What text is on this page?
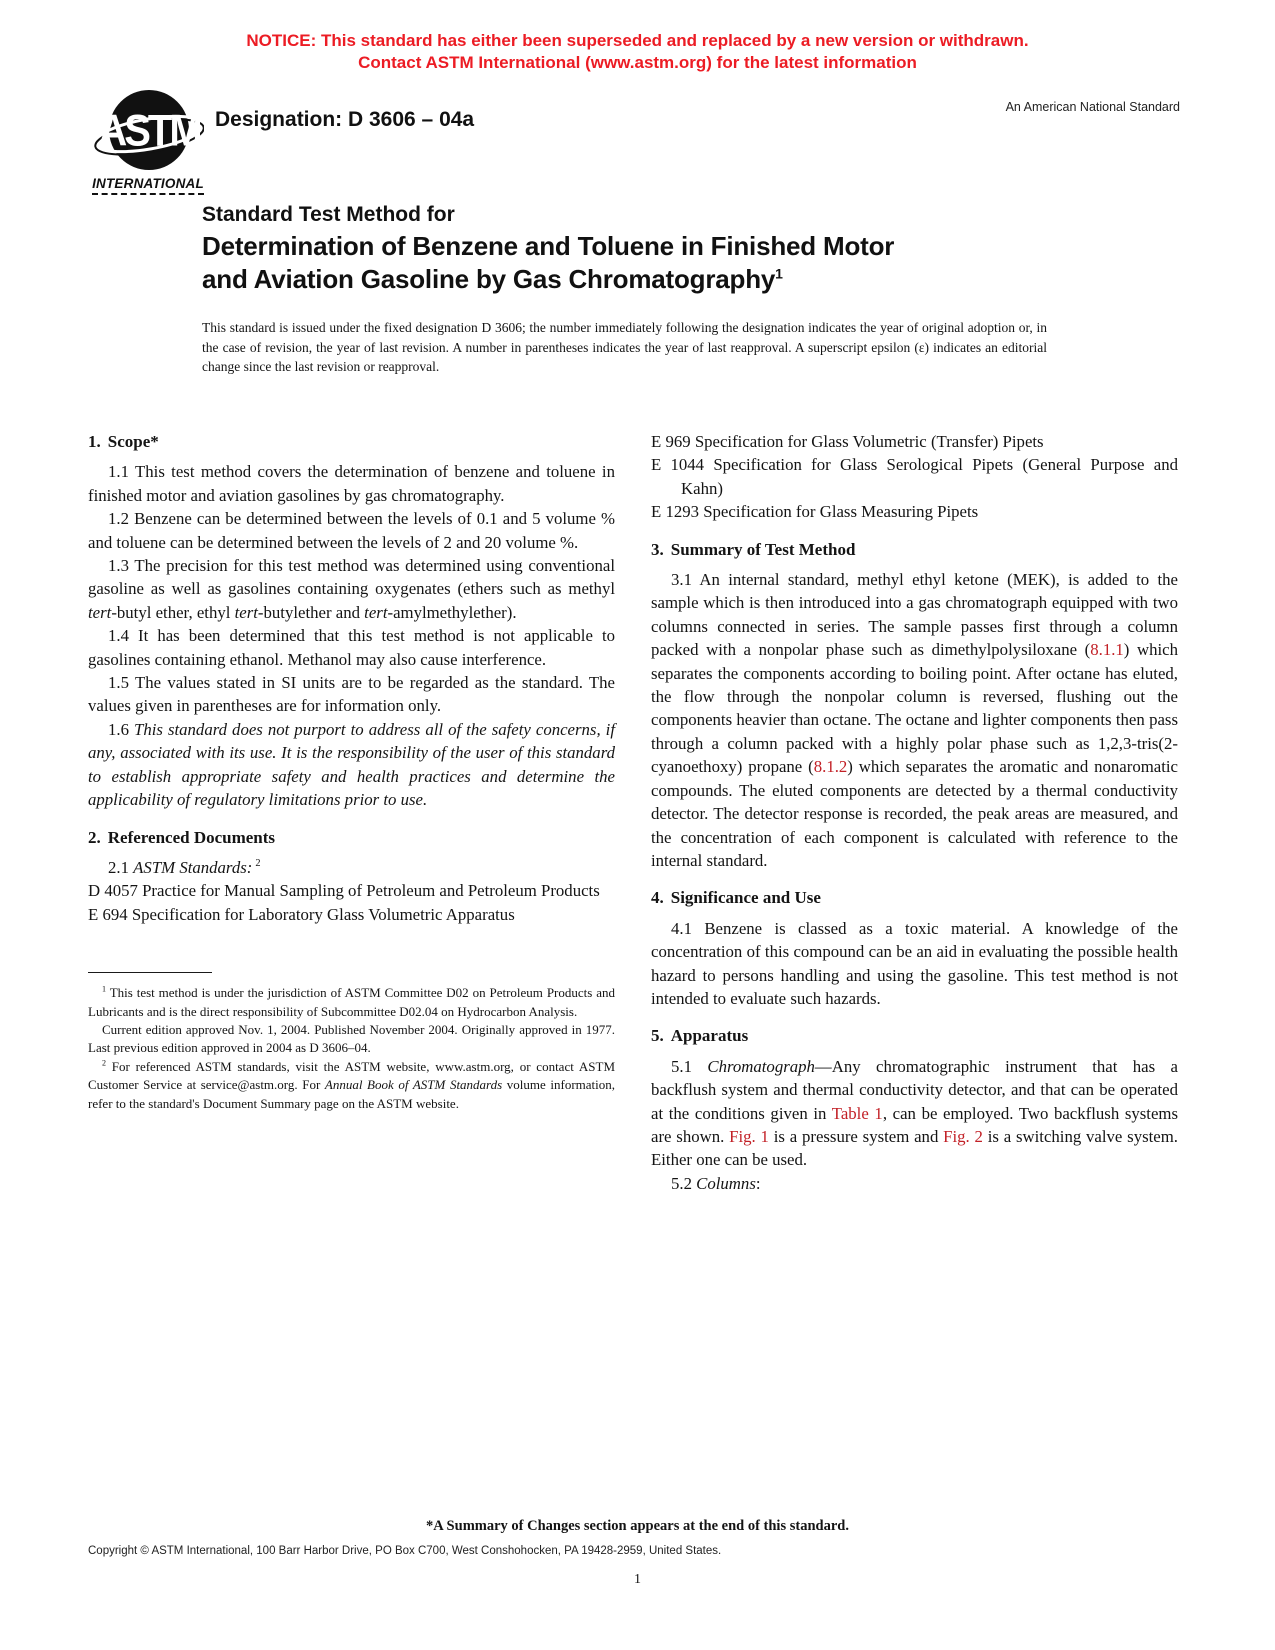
NOTICE: This standard has either been superseded and replaced by a new version or withdrawn.
Contact ASTM International (www.astm.org) for the latest information
ASTM
INTERNATIONAL
Designation: D 3606 – 04a
An American National Standard
Standard Test Method for
Determination of Benzene and Toluene in Finished Motor
and Aviation Gasoline by Gas Chromatography$^1$
This standard is issued under the fixed designation D 3606; the number immediately following the designation indicates the year of original adoption or, in the case of revision, the year of last revision. A number in parentheses indicates the year of last reapproval. A superscript epsilon (ε) indicates an editorial change since the last revision or reapproval.
1. Scope*

1.1 This test method covers the determination of benzene and toluene in finished motor and aviation gasolines by gas chromatography.

1.2 Benzene can be determined between the levels of 0.1 and 5 volume % and toluene can be determined between the levels of 2 and 20 volume %.

1.3 The precision for this test method was determined using conventional gasoline as well as gasolines containing oxygenates (ethers such as methyl tert-butyl ether, ethyl tert-butylether and tert-amylmethylether).

1.4 It has been determined that this test method is not applicable to gasolines containing ethanol. Methanol may also cause interference.

1.5 The values stated in SI units are to be regarded as the standard. The values given in parentheses are for information only.

1.6 This standard does not purport to address all of the safety concerns, if any, associated with its use. It is the responsibility of the user of this standard to establish appropriate safety and health practices and determine the applicability of regulatory limitations prior to use.

2. Referenced Documents

2.1 ASTM Standards: $^2$

D 4057 Practice for Manual Sampling of Petroleum and Petroleum Products

E 694 Specification for Laboratory Glass Volumetric Apparatus

$^1$ This test method is under the jurisdiction of ASTM Committee D02 on Petroleum Products and Lubricants and is the direct responsibility of Subcommittee D02.04 on Hydrocarbon Analysis.

Current edition approved Nov. 1, 2004. Published November 2004. Originally approved in 1977. Last previous edition approved in 2004 as D 3606–04.

$^2$ For referenced ASTM standards, visit the ASTM website, www.astm.org, or contact ASTM Customer Service at service@astm.org. For Annual Book of ASTM Standards volume information, refer to the standard's Document Summary page on the ASTM website.

E 969 Specification for Glass Volumetric (Transfer) Pipets

E 1044 Specification for Glass Serological Pipets (General Purpose and Kahn)

E 1293 Specification for Glass Measuring Pipets

3. Summary of Test Method

3.1 An internal standard, methyl ethyl ketone (MEK), is added to the sample which is then introduced into a gas chromatograph equipped with two columns connected in series. The sample passes first through a column packed with a nonpolar phase such as dimethylpolysiloxane (8.1.1) which separates the components according to boiling point. After octane has eluted, the flow through the nonpolar column is reversed, flushing out the components heavier than octane. The octane and lighter components then pass through a column packed with a highly polar phase such as 1,2,3-tris(2-cyanoethoxy) propane (8.1.2) which separates the aromatic and nonaromatic compounds. The eluted components are detected by a thermal conductivity detector. The detector response is recorded, the peak areas are measured, and the concentration of each component is calculated with reference to the internal standard.

4. Significance and Use

4.1 Benzene is classed as a toxic material. A knowledge of the concentration of this compound can be an aid in evaluating the possible health hazard to persons handling and using the gasoline. This test method is not intended to evaluate such hazards.

5. Apparatus

5.1 Chromatograph—Any chromatographic instrument that has a backflush system and thermal conductivity detector, and that can be operated at the conditions given in Table 1, can be employed. Two backflush systems are shown. Fig. 1 is a pressure system and Fig. 2 is a switching valve system. Either one can be used.

5.2 Columns:

*A Summary of Changes section appears at the end of this standard.
Copyright © ASTM International, 100 Barr Harbor Drive, PO Box C700, West Conshohocken, PA 19428-2959, United States.
1
